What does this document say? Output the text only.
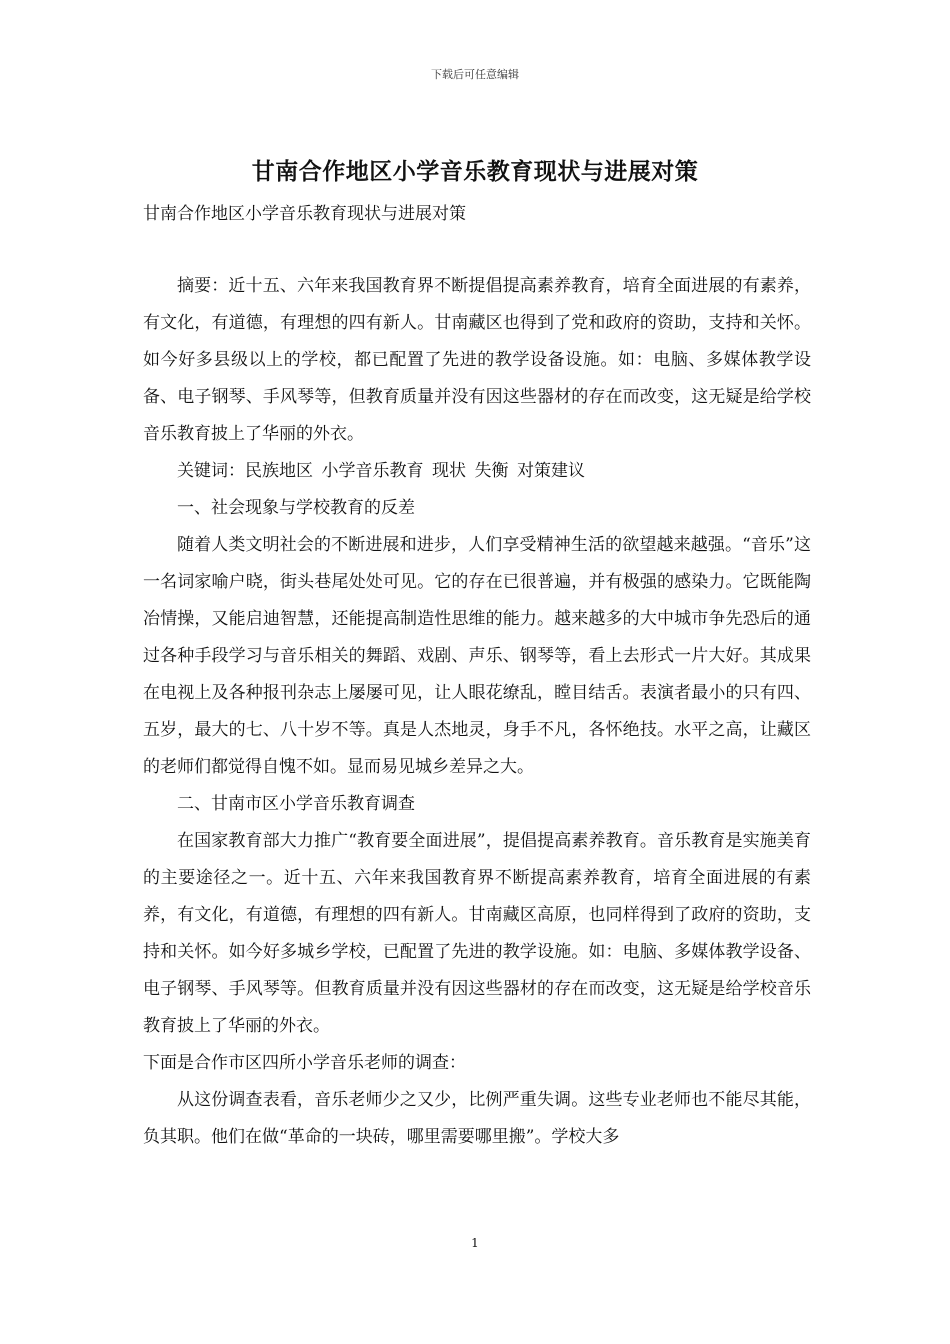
下载后可任意编辑
甘南合作地区小学音乐教育现状与进展对策
甘南合作地区小学音乐教育现状与进展对策

摘要：近十五、六年来我国教育界不断提倡提高素养教育，培育全面进展的有素养，有文化，有道德，有理想的四有新人。甘南藏区也得到了党和政府的资助，支持和关怀。如今好多县级以上的学校，都已配置了先进的教学设备设施。如：电脑、多媒体教学设备、电子钢琴、手风琴等，但教育质量并没有因这些器材的存在而改变，这无疑是给学校音乐教育披上了华丽的外衣。

关键词：民族地区 小学音乐教育 现状 失衡 对策建议

一、社会现象与学校教育的反差

随着人类文明社会的不断进展和进步，人们享受精神生活的欲望越来越强。“音乐”这一名词家喻户晓，街头巷尾处处可见。它的存在已很普遍，并有极强的感染力。它既能陶冶情操，又能启迪智慧，还能提高制造性思维的能力。越来越多的大中城市争先恐后的通过各种手段学习与音乐相关的舞蹈、戏剧、声乐、钢琴等，看上去形式一片大好。其成果在电视上及各种报刊杂志上屡屡可见，让人眼花缭乱，瞠目结舌。表演者最小的只有四、五岁，最大的七、八十岁不等。真是人杰地灵，身手不凡，各怀绝技。水平之高，让藏区的老师们都觉得自愧不如。显而易见城乡差异之大。

二、甘南市区小学音乐教育调查

在国家教育部大力推广“教育要全面进展”，提倡提高素养教育。音乐教育是实施美育的主要途径之一。近十五、六年来我国教育界不断提高素养教育，培育全面进展的有素养，有文化，有道德，有理想的四有新人。甘南藏区高原，也同样得到了政府的资助，支持和关怀。如今好多城乡学校，已配置了先进的教学设施。如：电脑、多媒体教学设备、电子钢琴、手风琴等。但教育质量并没有因这些器材的存在而改变，这无疑是给学校音乐教育披上了华丽的外衣。

下面是合作市区四所小学音乐老师的调查：

从这份调查表看，音乐老师少之又少，比例严重失调。这些专业老师也不能尽其能，负其职。他们在做“革命的一块砖，哪里需要哪里搬”。学校大多

1
